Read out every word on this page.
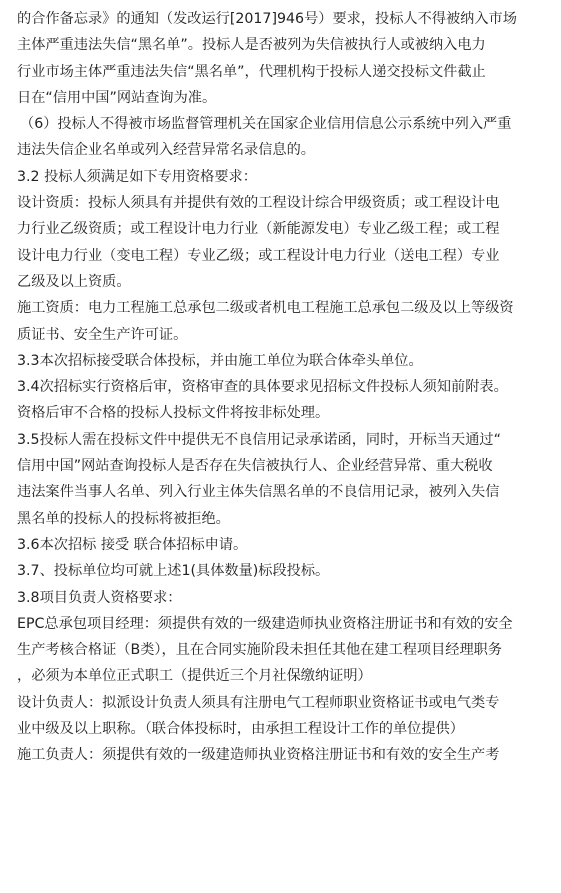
的合作备忘录》的通知（发改运行[2017]946号）要求，投标人不得被纳入市场
主体严重违法失信“黑名单”。投标人是否被列为失信被执行人或被纳入电力
行业市场主体严重违法失信“黑名单”，代理机构于投标人递交投标文件截止
日在“信用中国”网站查询为准。
（6）投标人不得被市场监督管理机关在国家企业信用信息公示系统中列入严重
违法失信企业名单或列入经营异常名录信息的。
3.2 投标人须满足如下专用资格要求：
设计资质：投标人须具有并提供有效的工程设计综合甲级资质；或工程设计电
力行业乙级资质；或工程设计电力行业（新能源发电）专业乙级工程；或工程
设计电力行业（变电工程）专业乙级；或工程设计电力行业（送电工程）专业
乙级及以上资质。
施工资质：电力工程施工总承包二级或者机电工程施工总承包二级及以上等级资
质证书、安全生产许可证。
3.3本次招标接受联合体投标，并由施工单位为联合体牵头单位。
3.4次招标实行资格后审，资格审查的具体要求见招标文件投标人须知前附表。
资格后审不合格的投标人投标文件将按非标处理。
3.5投标人需在投标文件中提供无不良信用记录承诺函，同时，开标当天通过“
信用中国”网站查询投标人是否存在失信被执行人、企业经营异常、重大税收
违法案件当事人名单、列入行业主体失信黑名单的不良信用记录，被列入失信
黑名单的投标人的投标将被拒绝。
3.6本次招标 接受 联合体招标申请。
3.7、投标单位均可就上述1(具体数量)标段投标。
3.8项目负责人资格要求：
EPC总承包项目经理：须提供有效的一级建造师执业资格注册证书和有效的安全
生产考核合格证（B类），且在合同实施阶段未担任其他在建工程项目经理职务
，必须为本单位正式职工（提供近三个月社保缴纳证明）
设计负责人：拟派设计负责人须具有注册电气工程师职业资格证书或电气类专
业中级及以上职称。（联合体投标时，由承担工程设计工作的单位提供）
施工负责人：须提供有效的一级建造师执业资格注册证书和有效的安全生产考
